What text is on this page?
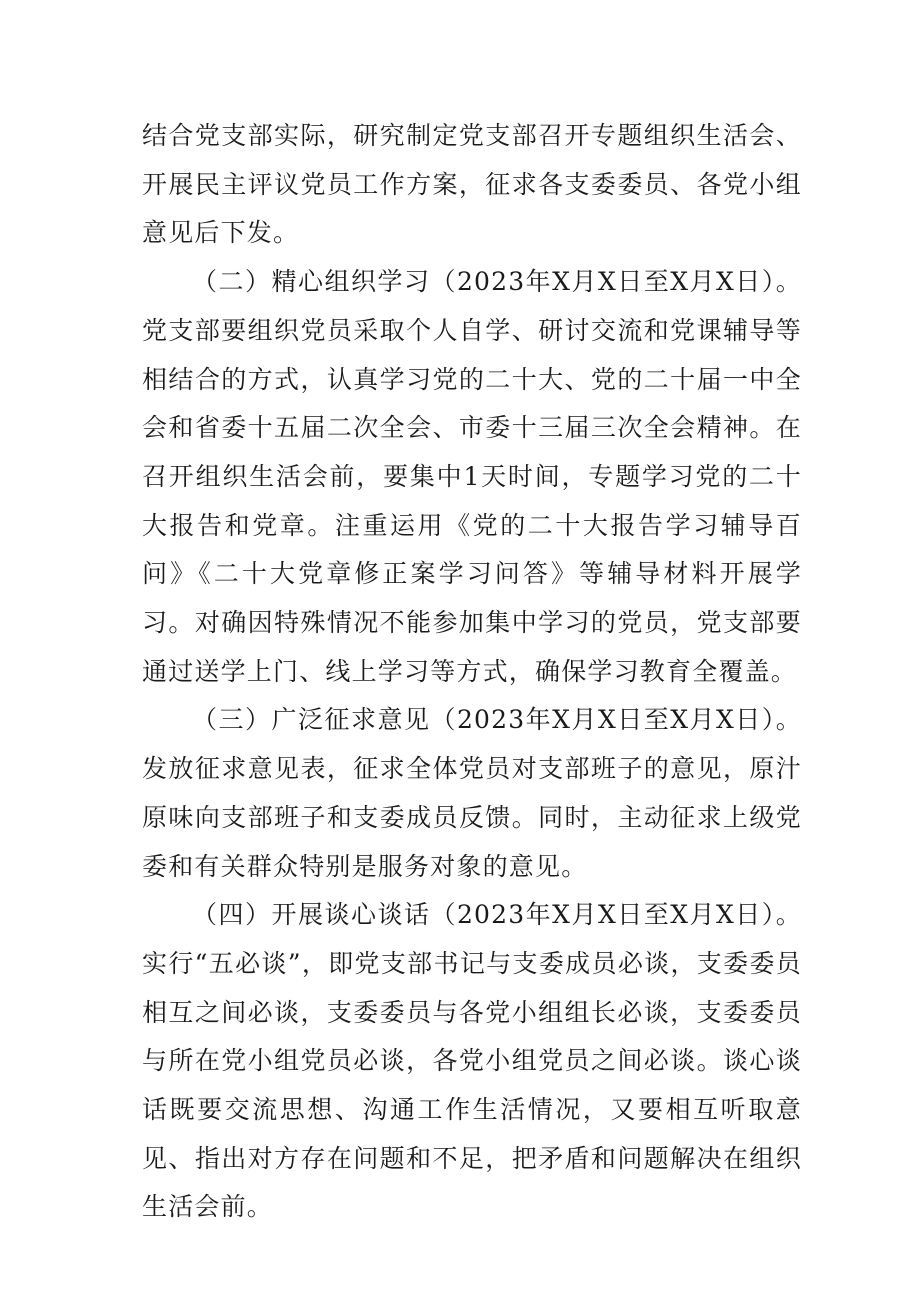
结合党支部实际，研究制定党支部召开专题组织生活会、开展民主评议党员工作方案，征求各支委委员、各党小组意见后下发。

（二）精心组织学习（2023年X月X日至X月X日）。党支部要组织党员采取个人自学、研讨交流和党课辅导等相结合的方式，认真学习党的二十大、党的二十届一中全会和省委十五届二次全会、市委十三届三次全会精神。在召开组织生活会前，要集中1天时间，专题学习党的二十大报告和党章。注重运用《党的二十大报告学习辅导百问》《二十大党章修正案学习问答》等辅导材料开展学习。对确因特殊情况不能参加集中学习的党员，党支部要通过送学上门、线上学习等方式，确保学习教育全覆盖。

（三）广泛征求意见（2023年X月X日至X月X日）。发放征求意见表，征求全体党员对支部班子的意见，原汁原味向支部班子和支委成员反馈。同时，主动征求上级党委和有关群众特别是服务对象的意见。

（四）开展谈心谈话（2023年X月X日至X月X日）。实行“五必谈”，即党支部书记与支委成员必谈，支委委员相互之间必谈，支委委员与各党小组组长必谈，支委委员与所在党小组党员必谈，各党小组党员之间必谈。谈心谈话既要交流思想、沟通工作生活情况，又要相互听取意见、指出对方存在问题和不足，把矛盾和问题解决在组织生活会前。
